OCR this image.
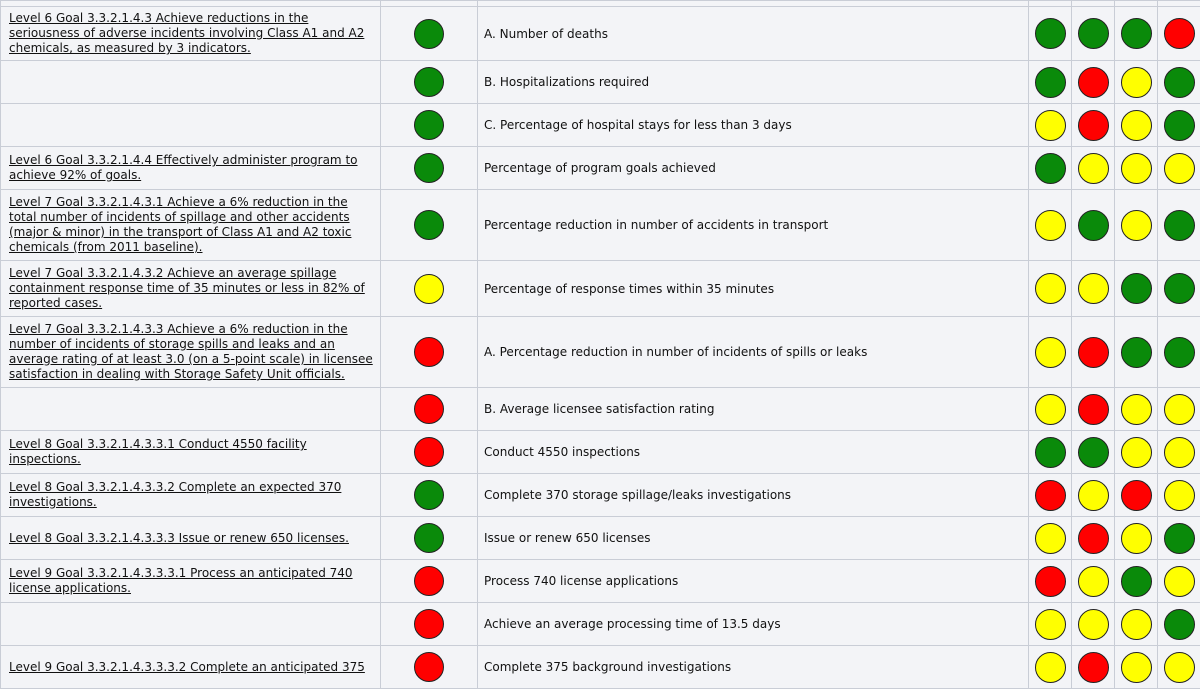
Level 6 Goal 3.3.2.1.4.3 Achieve reductions in the seriousness of adverse incidents involving Class A1 and A2 chemicals, as measured by 3 indicators.		A. Number of deaths				
		B. Hospitalizations required				
		C. Percentage of hospital stays for less than 3 days				
Level 6 Goal 3.3.2.1.4.4 Effectively administer program to achieve 92% of goals.		Percentage of program goals achieved				
Level 7 Goal 3.3.2.1.4.3.1 Achieve a 6% reduction in the total number of incidents of spillage and other accidents (major & minor) in the transport of Class A1 and A2 toxic chemicals (from 2011 baseline).		Percentage reduction in number of accidents in transport				
Level 7 Goal 3.3.2.1.4.3.2 Achieve an average spillage containment response time of 35 minutes or less in 82% of reported cases.		Percentage of response times within 35 minutes				
Level 7 Goal 3.3.2.1.4.3.3 Achieve a 6% reduction in the number of incidents of storage spills and leaks and an average rating of at least 3.0 (on a 5-point scale) in licensee satisfaction in dealing with Storage Safety Unit officials.		A. Percentage reduction in number of incidents of spills or leaks				
		B. Average licensee satisfaction rating				
Level 8 Goal 3.3.2.1.4.3.3.1 Conduct 4550 facility inspections.		Conduct 4550 inspections				
Level 8 Goal 3.3.2.1.4.3.3.2 Complete an expected 370 investigations.		Complete 370 storage spillage/leaks investigations				
Level 8 Goal 3.3.2.1.4.3.3.3 Issue or renew 650 licenses.		Issue or renew 650 licenses				
Level 9 Goal 3.3.2.1.4.3.3.3.1 Process an anticipated 740 license applications.		Process 740 license applications				
		Achieve an average processing time of 13.5 days				
Level 9 Goal 3.3.2.1.4.3.3.3.2 Complete an anticipated 375		Complete 375 background investigations				
